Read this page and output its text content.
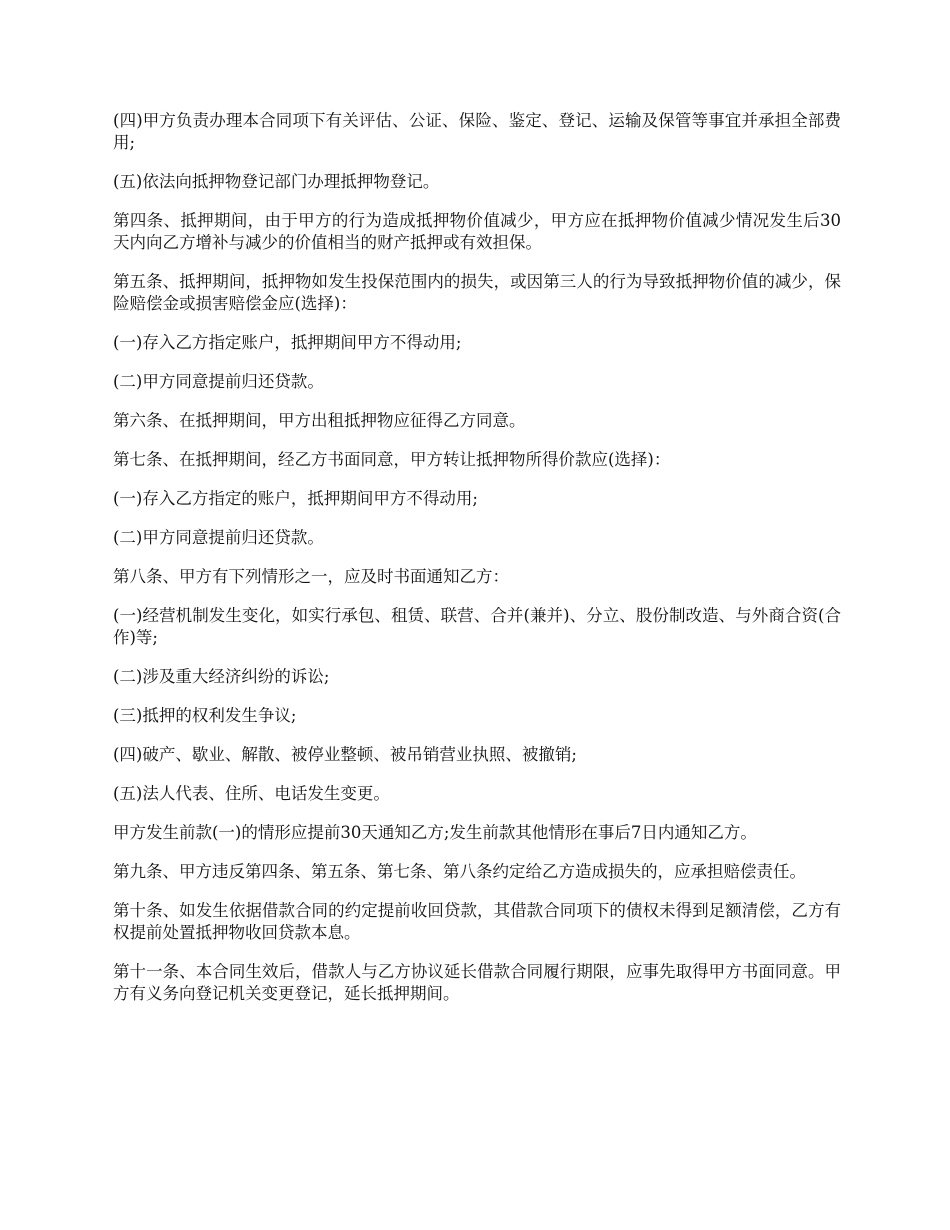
(四)甲方负责办理本合同项下有关评估、公证、保险、鉴定、登记、运输及保管等事宜并承担全部费用;

(五)依法向抵押物登记部门办理抵押物登记。

第四条、抵押期间，由于甲方的行为造成抵押物价值减少，甲方应在抵押物价值减少情况发生后30天内向乙方增补与减少的价值相当的财产抵押或有效担保。

第五条、抵押期间，抵押物如发生投保范围内的损失，或因第三人的行为导致抵押物价值的减少，保险赔偿金或损害赔偿金应(选择)：

(一)存入乙方指定账户，抵押期间甲方不得动用;

(二)甲方同意提前归还贷款。

第六条、在抵押期间，甲方出租抵押物应征得乙方同意。

第七条、在抵押期间，经乙方书面同意，甲方转让抵押物所得价款应(选择)：

(一)存入乙方指定的账户，抵押期间甲方不得动用;

(二)甲方同意提前归还贷款。

第八条、甲方有下列情形之一，应及时书面通知乙方：

(一)经营机制发生变化，如实行承包、租赁、联营、合并(兼并)、分立、股份制改造、与外商合资(合作)等;

(二)涉及重大经济纠纷的诉讼;

(三)抵押的权利发生争议;

(四)破产、歇业、解散、被停业整顿、被吊销营业执照、被撤销;

(五)法人代表、住所、电话发生变更。

甲方发生前款(一)的情形应提前30天通知乙方;发生前款其他情形在事后7日内通知乙方。

第九条、甲方违反第四条、第五条、第七条、第八条约定给乙方造成损失的，应承担赔偿责任。

第十条、如发生依据借款合同的约定提前收回贷款，其借款合同项下的债权未得到足额清偿，乙方有权提前处置抵押物收回贷款本息。

第十一条、本合同生效后，借款人与乙方协议延长借款合同履行期限，应事先取得甲方书面同意。甲方有义务向登记机关变更登记，延长抵押期间。
